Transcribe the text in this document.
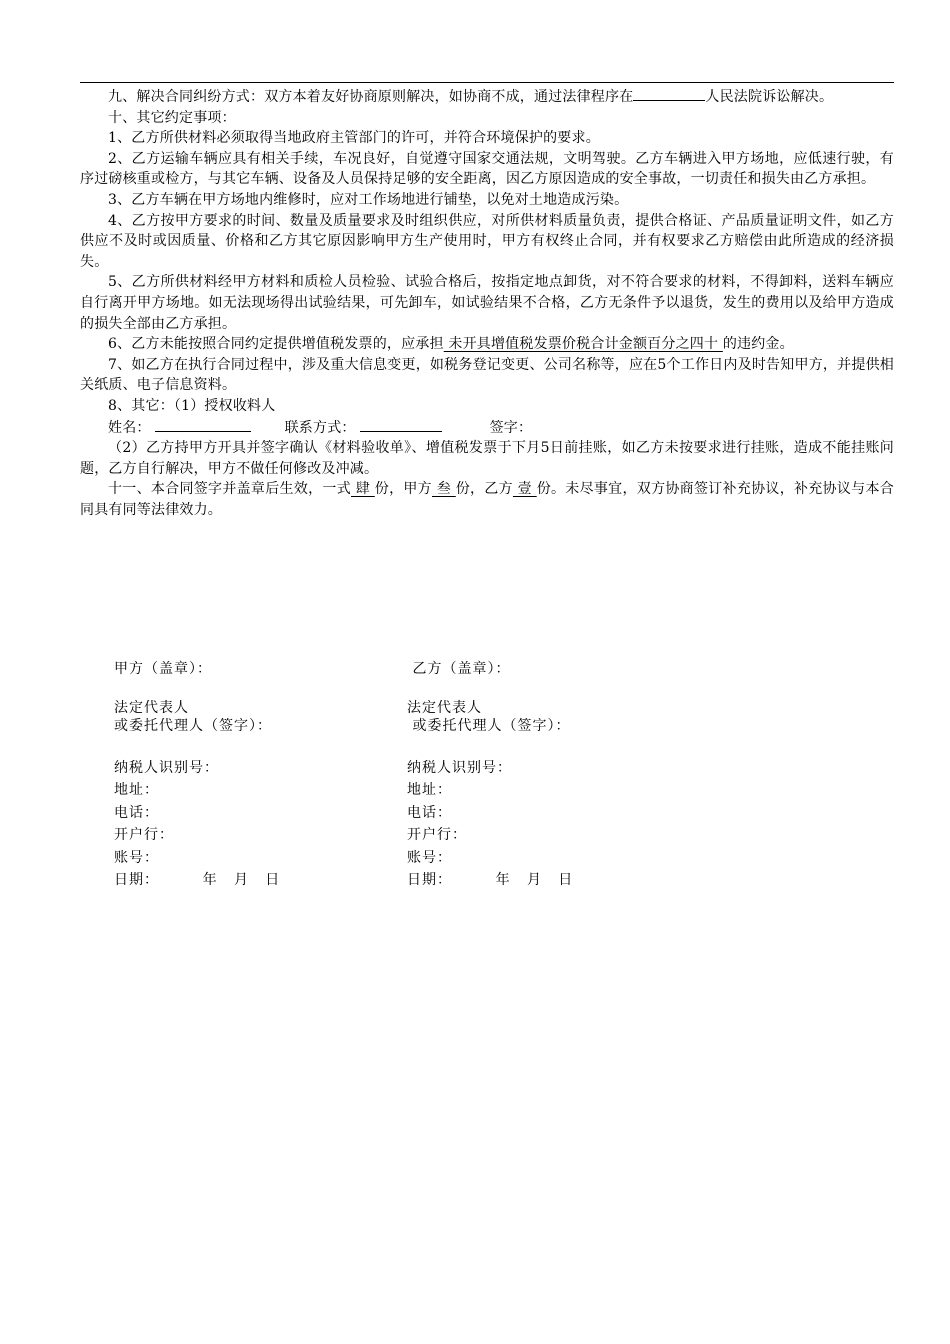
九、解决合同纠纷方式：双方本着友好协商原则解决，如协商不成，通过法律程序在	人民法院诉讼解决。

十、其它约定事项：

1、乙方所供材料必须取得当地政府主管部门的许可，并符合环境保护的要求。

2、乙方运输车辆应具有相关手续，车况良好，自觉遵守国家交通法规，文明驾驶。乙方车辆进入甲方场地，应低速行驶，有序过磅核重或检方，与其它车辆、设备及人员保持足够的安全距离，因乙方原因造成的安全事故，一切责任和损失由乙方承担。

3、乙方车辆在甲方场地内维修时，应对工作场地进行铺垫，以免对土地造成污染。

4、乙方按甲方要求的时间、数量及质量要求及时组织供应，对所供材料质量负责，提供合格证、产品质量证明文件，如乙方供应不及时或因质量、价格和乙方其它原因影响甲方生产使用时，甲方有权终止合同，并有权要求乙方赔偿由此所造成的经济损失。

5、乙方所供材料经甲方材料和质检人员检验、试验合格后，按指定地点卸货，对不符合要求的材料，不得卸料，送料车辆应自行离开甲方场地。如无法现场得出试验结果，可先卸车，如试验结果不合格，乙方无条件予以退货，发生的费用以及给甲方造成的损失全部由乙方承担。

6、乙方未能按照合同约定提供增值税发票的，应承担 未开具增值税发票价税合计金额百分之四十 的违约金。

7、如乙方在执行合同过程中，涉及重大信息变更，如税务登记变更、公司名称等，应在5个工作日内及时告知甲方，并提供相关纸质、电子信息资料。

8、其它：（1）授权收料人

姓名：	联系方式：	签字：

（2）乙方持甲方开具并签字确认《材料验收单》、增值税发票于下月5日前挂账，如乙方未按要求进行挂账，造成不能挂账问题，乙方自行解决，甲方不做任何修改及冲减。

十一、本合同签字并盖章后生效，一式 肆 份，甲方 叁 份，乙方 壹 份。未尽事宜，双方协商签订补充协议，补充协议与本合同具有同等法律效力。

甲方（盖章）：
法定代表人
或委托代理人（签字）：
纳税人识别号：
地址：
电话：
开户行：
账号：
日期：        年   月   日
乙方（盖章）：
法定代表人
或委托代理人（签字）：
纳税人识别号：
地址：
电话：
开户行：
账号：
日期：        年   月   日
